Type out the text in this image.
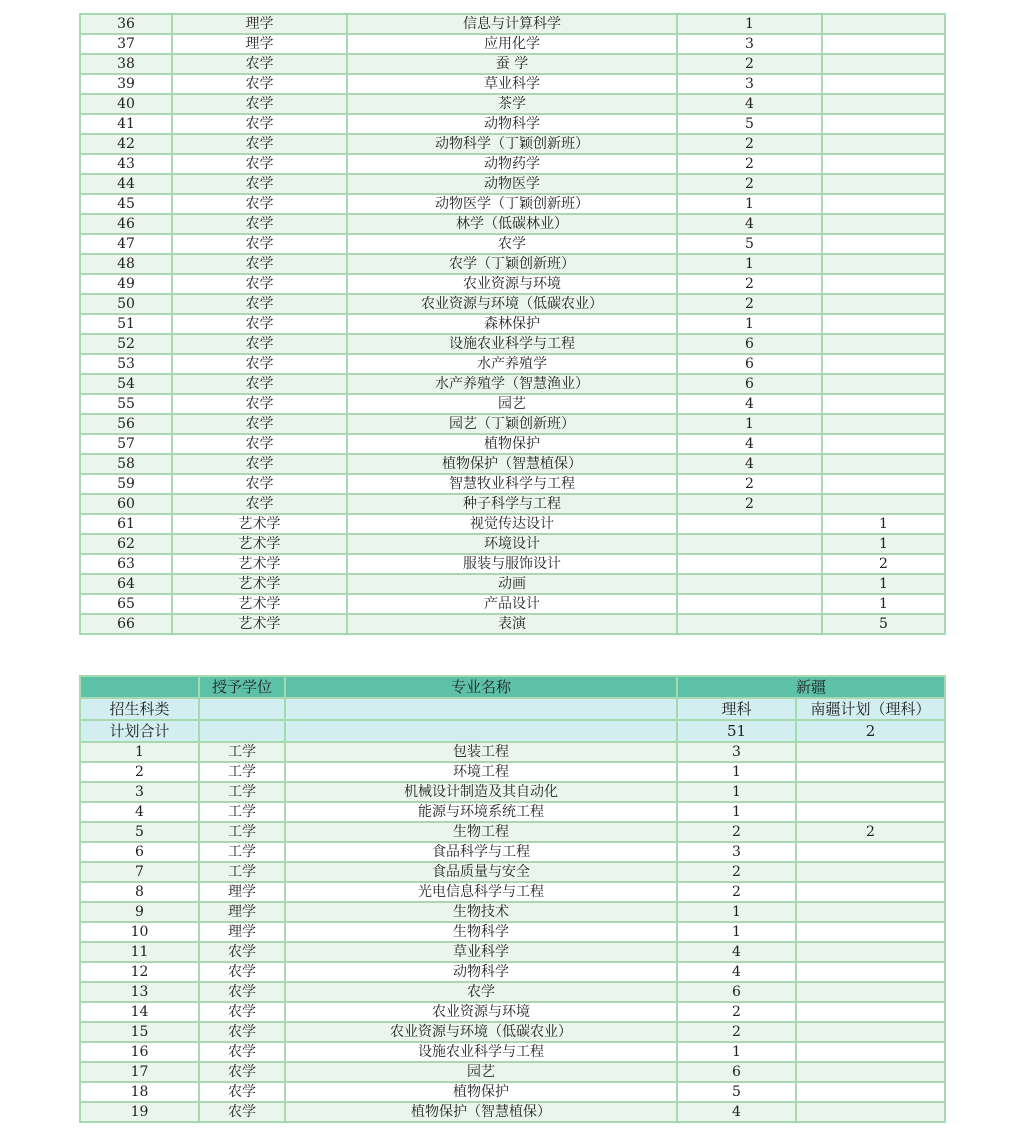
36	理学	信息与计算科学	1	
37	理学	应用化学	3	
38	农学	蚕 学	2	
39	农学	草业科学	3	
40	农学	茶学	4	
41	农学	动物科学	5	
42	农学	动物科学（丁颖创新班）	2	
43	农学	动物药学	2	
44	农学	动物医学	2	
45	农学	动物医学（丁颖创新班）	1	
46	农学	林学（低碳林业）	4	
47	农学	农学	5	
48	农学	农学（丁颖创新班）	1	
49	农学	农业资源与环境	2	
50	农学	农业资源与环境（低碳农业）	2	
51	农学	森林保护	1	
52	农学	设施农业科学与工程	6	
53	农学	水产养殖学	6	
54	农学	水产养殖学（智慧渔业）	6	
55	农学	园艺	4	
56	农学	园艺（丁颖创新班）	1	
57	农学	植物保护	4	
58	农学	植物保护（智慧植保）	4	
59	农学	智慧牧业科学与工程	2	
60	农学	种子科学与工程	2	
61	艺术学	视觉传达设计		1
62	艺术学	环境设计		1
63	艺术学	服装与服饰设计		2
64	艺术学	动画		1
65	艺术学	产品设计		1
66	艺术学	表演		5
	授予学位	专业名称	新疆	
招生科类			理科	南疆计划（理科）
计划合计			51	2
1	工学	包装工程	3	
2	工学	环境工程	1	
3	工学	机械设计制造及其自动化	1	
4	工学	能源与环境系统工程	1	
5	工学	生物工程	2	2
6	工学	食品科学与工程	3	
7	工学	食品质量与安全	2	
8	理学	光电信息科学与工程	2	
9	理学	生物技术	1	
10	理学	生物科学	1	
11	农学	草业科学	4	
12	农学	动物科学	4	
13	农学	农学	6	
14	农学	农业资源与环境	2	
15	农学	农业资源与环境（低碳农业）	2	
16	农学	设施农业科学与工程	1	
17	农学	园艺	6	
18	农学	植物保护	5	
19	农学	植物保护（智慧植保）	4	
